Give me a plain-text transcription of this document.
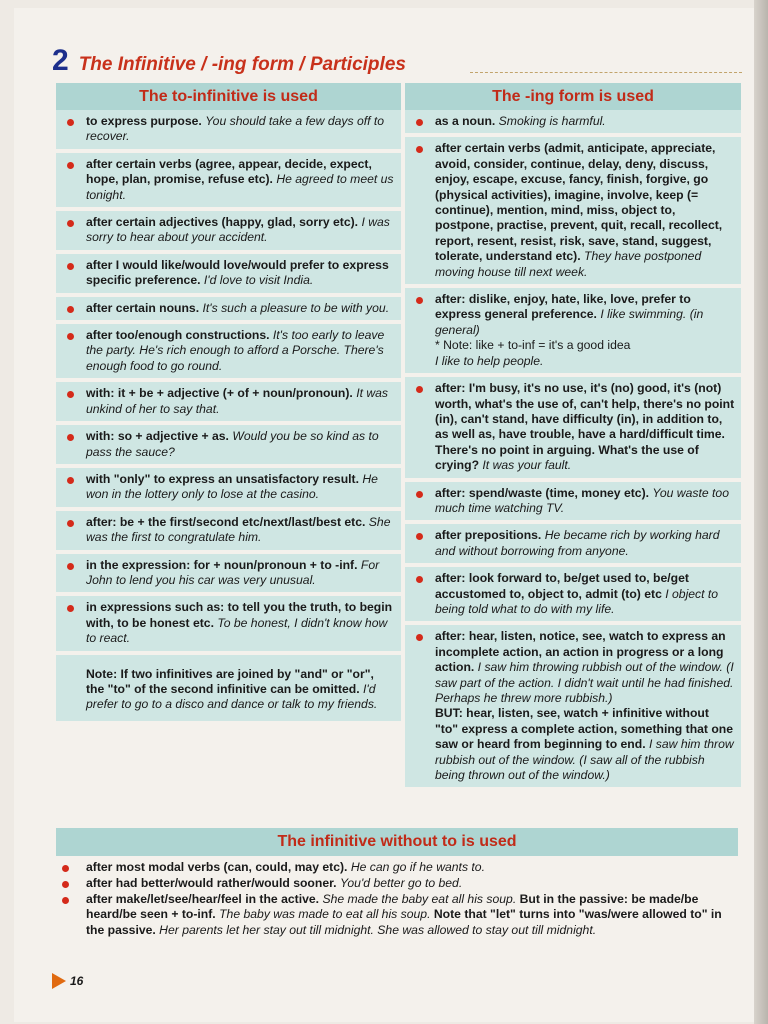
2 The Infinitive / -ing form / Participles
The to-infinitive is used	The -ing form is used
to express purpose. You should take a few days off to recover.
after certain verbs (agree, appear, decide, expect, hope, plan, promise, refuse etc). He agreed to meet us tonight.
after certain adjectives (happy, glad, sorry etc). I was sorry to hear about your accident.
after I would like/would love/would prefer to express specific preference. I'd love to visit India.
after certain nouns. It's such a pleasure to be with you.
after too/enough constructions. It's too early to leave the party. He's rich enough to afford a Porsche. There's enough food to go round.
with: it + be + adjective (+ of + noun/pronoun). It was unkind of her to say that.
with: so + adjective + as. Would you be so kind as to pass the sauce?
with "only" to express an unsatisfactory result. He won in the lottery only to lose at the casino.
after: be + the first/second etc/next/last/best etc. She was the first to congratulate him.
in the expression: for + noun/pronoun + to -inf. For John to lend you his car was very unusual.
in expressions such as: to tell you the truth, to begin with, to be honest etc. To be honest, I didn't know how to react.
Note: If two infinitives are joined by "and" or "or", the "to" of the second infinitive can be omitted. I'd prefer to go to a disco and dance or talk to my friends.
as a noun. Smoking is harmful.
after certain verbs (admit, anticipate, appreciate, avoid, consider, continue, delay, deny, discuss, enjoy, escape, excuse, fancy, finish, forgive, go (physical activities), imagine, involve, keep (= continue), mention, mind, miss, object to, postpone, practise, prevent, quit, recall, recollect, report, resent, resist, risk, save, stand, suggest, tolerate, understand etc). They have postponed moving house till next week.
after: dislike, enjoy, hate, like, love, prefer to express general preference. I like swimming. (in general)
* Note: like + to-inf = it's a good idea
I like to help people.
after: I'm busy, it's no use, it's (no) good, it's (not) worth, what's the use of, can't help, there's no point (in), can't stand, have difficulty (in), in addition to, as well as, have trouble, have a hard/difficult time. There's no point in arguing. What's the use of crying? It was your fault.
after: spend/waste (time, money etc). You waste too much time watching TV.
after prepositions. He became rich by working hard and without borrowing from anyone.
after: look forward to, be/get used to, be/get accustomed to, object to, admit (to) etc I object to being told what to do with my life.
after: hear, listen, notice, see, watch to express an incomplete action, an action in progress or a long action. I saw him throwing rubbish out of the window. (I saw part of the action. I didn't wait until he had finished. Perhaps he threw more rubbish.)
BUT: hear, listen, see, watch + infinitive without "to" express a complete action, something that one saw or heard from beginning to end. I saw him throw rubbish out of the window. (I saw all of the rubbish being thrown out of the window.)
The infinitive without to is used
after most modal verbs (can, could, may etc). He can go if he wants to.
after had better/would rather/would sooner. You'd better go to bed.
after make/let/see/hear/feel in the active. She made the baby eat all his soup. But in the passive: be made/be heard/be seen + to-inf. The baby was made to eat all his soup. Note that "let" turns into "was/were allowed to" in the passive. Her parents let her stay out till midnight. She was allowed to stay out till midnight.
16
